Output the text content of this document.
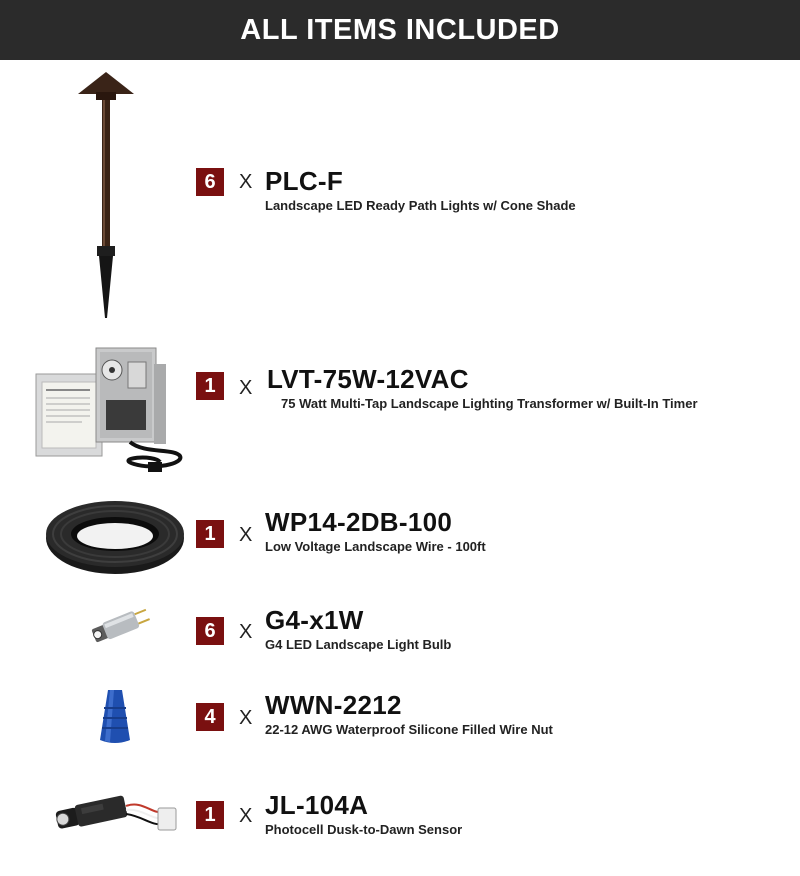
ALL ITEMS INCLUDED
6	X PLC-F
Landscape LED Ready Path Lights w/ Cone Shade
1	X LVT-75W-12VAC
75 Watt Multi-Tap Landscape Lighting Transformer w/ Built-In Timer
1	X WP14-2DB-100
Low Voltage Landscape Wire - 100ft
6	X G4-x1W
G4 LED Landscape Light Bulb
4	X WWN-2212
22-12 AWG Waterproof Silicone Filled Wire Nut
1	X JL-104A
Photocell Dusk-to-Dawn Sensor
